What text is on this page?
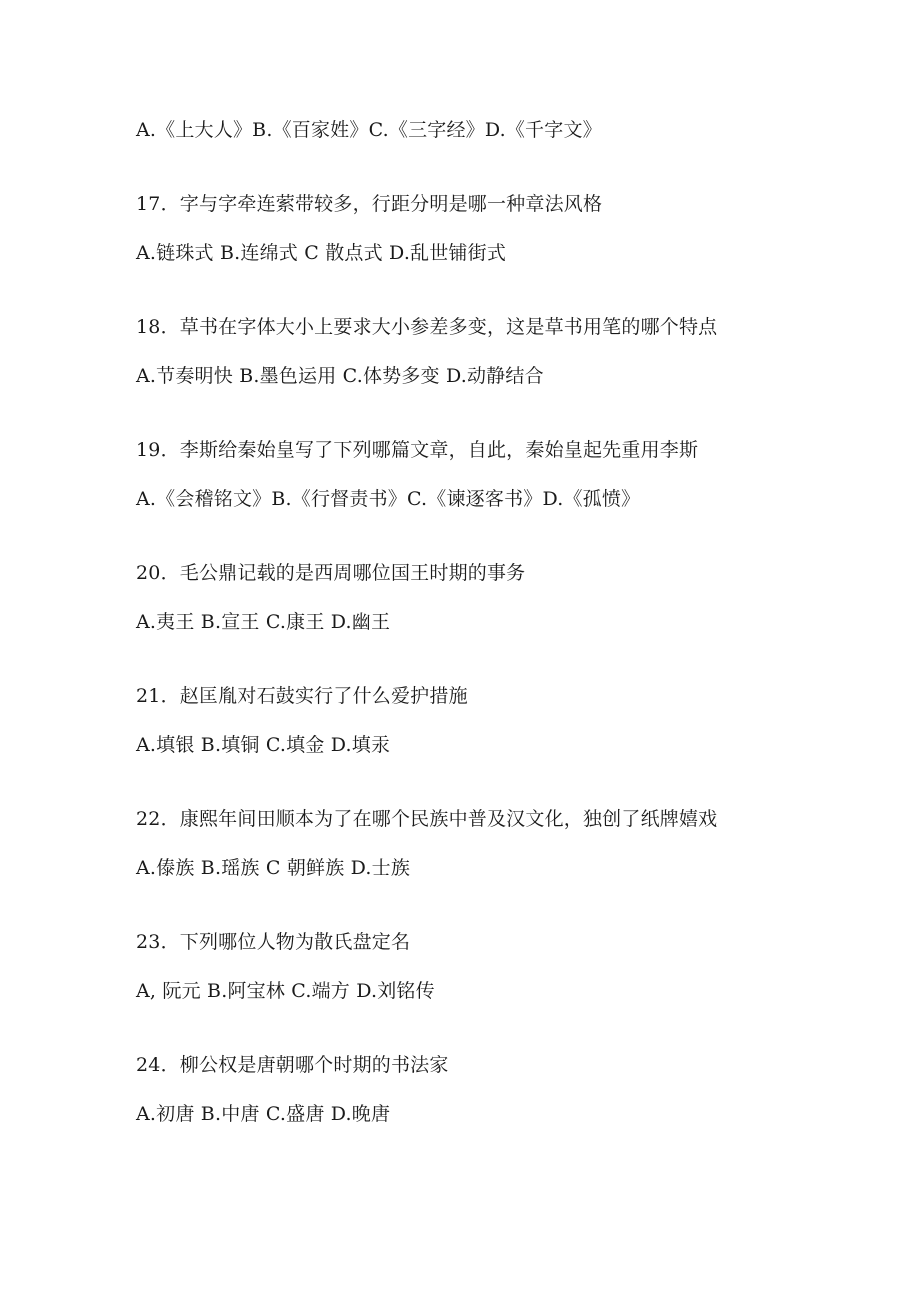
A.《上大人》B.《百家姓》C.《三字经》D.《千字文》
17．字与字牵连萦带较多，行距分明是哪一种章法风格
A.链珠式 B.连绵式 C 散点式 D.乱世铺街式
18．草书在字体大小上要求大小参差多变，这是草书用笔的哪个特点
A.节奏明快 B.墨色运用 C.体势多变 D.动静结合
19．李斯给秦始皇写了下列哪篇文章，自此，秦始皇起先重用李斯
A.《会稽铭文》B.《行督责书》C.《谏逐客书》D.《孤愤》
20．毛公鼎记载的是西周哪位国王时期的事务
A.夷王 B.宣王 C.康王 D.幽王
21．赵匡胤对石鼓实行了什么爱护措施
A.填银 B.填铜 C.填金 D.填汞
22．康熙年间田顺本为了在哪个民族中普及汉文化，独创了纸牌嬉戏
A.傣族 B.瑶族 C 朝鲜族 D.士族
23．下列哪位人物为散氏盘定名
A, 阮元 B.阿宝林 C.端方 D.刘铭传
24．柳公权是唐朝哪个时期的书法家
A.初唐 B.中唐 C.盛唐 D.晚唐
